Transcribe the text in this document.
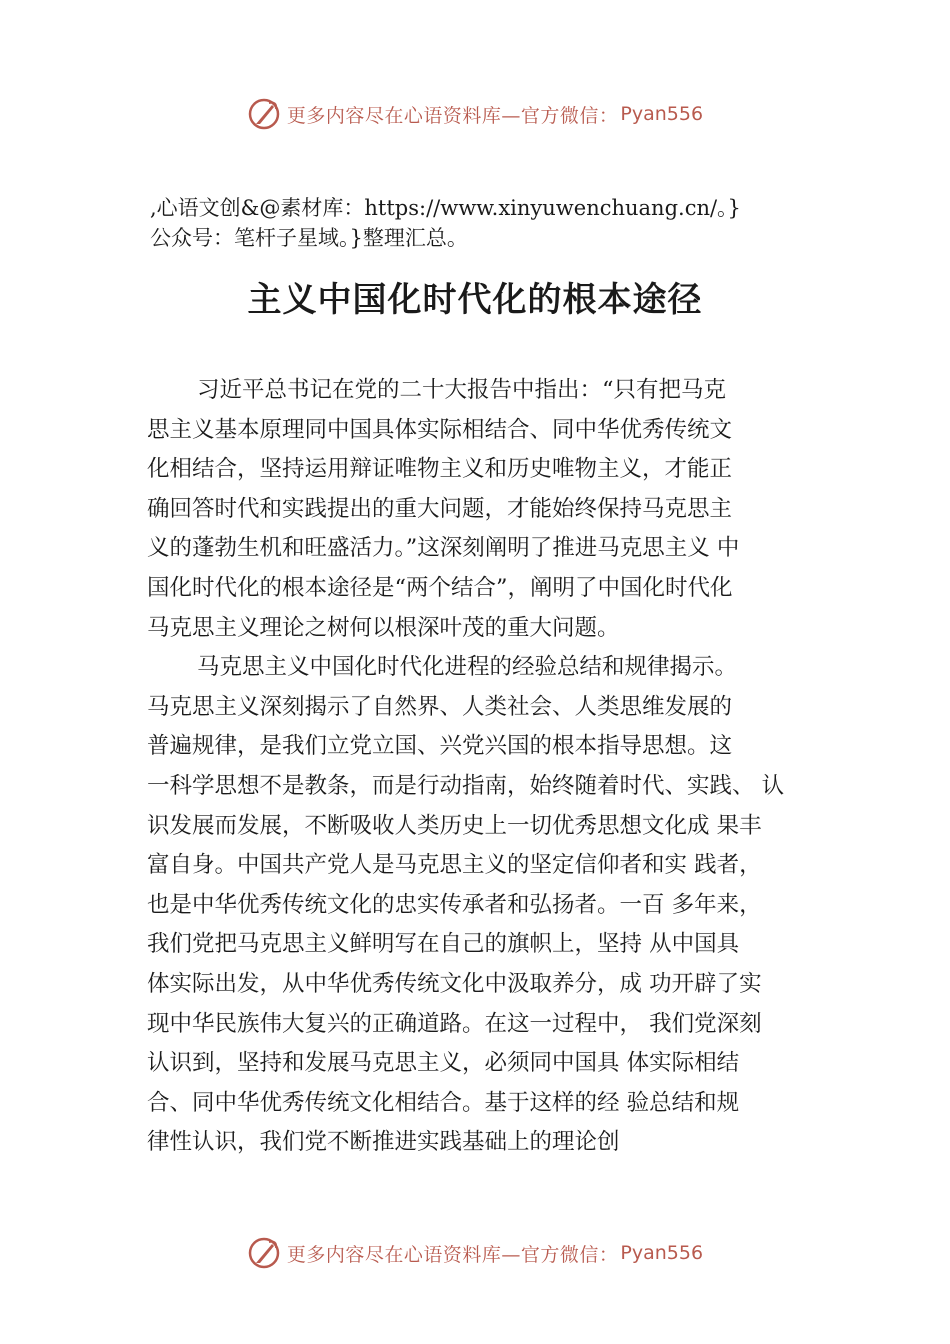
更多内容尽在心语资料库—官方微信： Pyan556
,心语文创&@素材库：https://www.xinyuwenchuang.cn/。}
公众号：笔杆子星域。}整理汇总。
主义中国化时代化的根本途径
习近平总书记在党的二十大报告中指出：“只有把马克
思主义基本原理同中国具体实际相结合、同中华优秀传统文
化相结合，坚持运用辩证唯物主义和历史唯物主义，才能正
确回答时代和实践提出的重大问题，才能始终保持马克思主
义的蓬勃生机和旺盛活力。”这深刻阐明了推进马克思主义 中
国化时代化的根本途径是“两个结合”，阐明了中国化时代化
马克思主义理论之树何以根深叶茂的重大问题。
马克思主义中国化时代化进程的经验总结和规律揭示。
马克思主义深刻揭示了自然界、人类社会、人类思维发展的
普遍规律，是我们立党立国、兴党兴国的根本指导思想。这
一科学思想不是教条，而是行动指南，始终随着时代、实践、 认
识发展而发展，不断吸收人类历史上一切优秀思想文化成 果丰
富自身。中国共产党人是马克思主义的坚定信仰者和实 践者，
也是中华优秀传统文化的忠实传承者和弘扬者。一百 多年来，
我们党把马克思主义鲜明写在自己的旗帜上，坚持 从中国具
体实际出发，从中华优秀传统文化中汲取养分，成 功开辟了实
现中华民族伟大复兴的正确道路。在这一过程中， 我们党深刻
认识到，坚持和发展马克思主义，必须同中国具 体实际相结
合、同中华优秀传统文化相结合。基于这样的经 验总结和规
律性认识，我们党不断推进实践基础上的理论创
更多内容尽在心语资料库—官方微信： Pyan556
